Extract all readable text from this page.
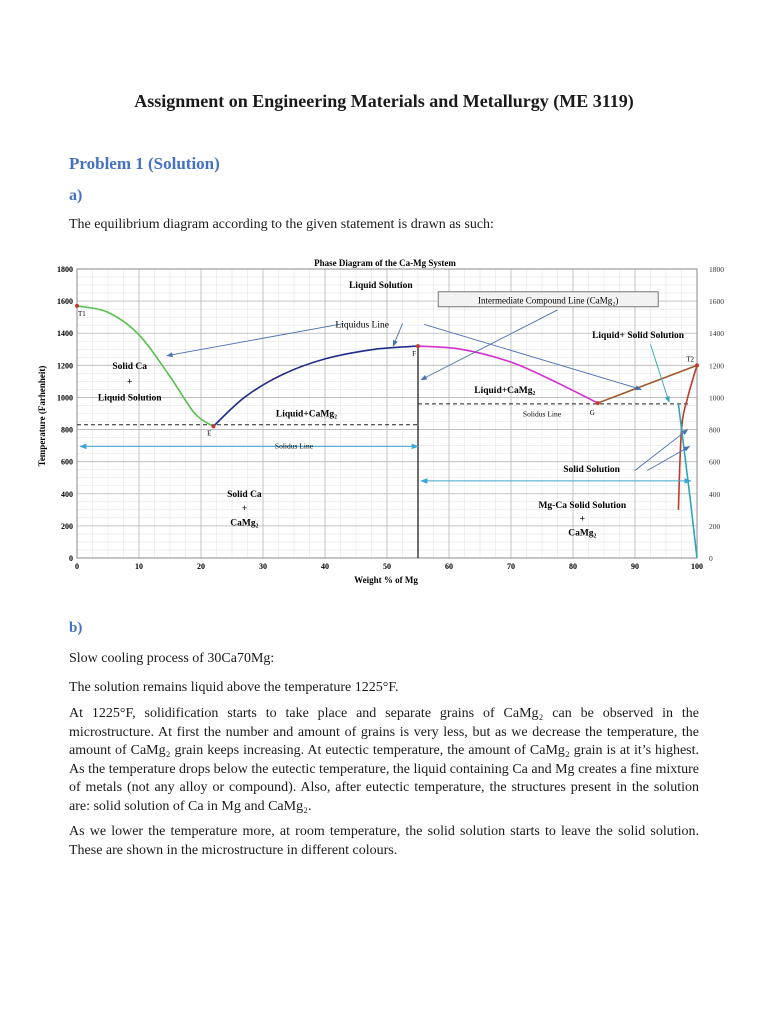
Assignment on Engineering Materials and Metallurgy (ME 3119)
Problem 1 (Solution)
a)
The equilibrium diagram according to the given statement is drawn as such:
Phase Diagram of the Ca-Mg System
Weight % of Mg
Temperature (Farhenheit)
0	10	20	30	40	50	60	70	80	90	100
0	0
200	200
400	400
600	600
800	800
1000	1000
1200	1200
1400	1400
1600	1600
1800	1800
T1
E
F
G
T2
Liquid Solution
Intermediate Compound Line (CaMg₂)
Liquidus Line
Liquid+ Solid Solution
Solid Ca
+
Liquid Solution
Liquid+CaMg₂
Liquid+CaMg₂	Solidus Line
Solidus Line
Solid Solution
Solid Ca
+
CaMg₂
Mg-Ca Solid Solution
+
CaMg₂
b)

Slow cooling process of 30Ca70Mg:

The solution remains liquid above the temperature 1225°F.

At 1225°F, solidification starts to take place and separate grains of CaMg₂ can be observed in the microstructure. At first the number and amount of grains is very less, but as we decrease the temperature, the amount of CaMg₂ grain keeps increasing. At eutectic temperature, the amount of CaMg₂ grain is at it’s highest. As the temperature drops below the eutectic temperature, the liquid containing Ca and Mg creates a fine mixture of metals (not any alloy or compound). Also, after eutectic temperature, the structures present in the solution are: solid solution of Ca in Mg and CaMg₂.

As we lower the temperature more, at room temperature, the solid solution starts to leave the solid solution. These are shown in the microstructure in different colours.
